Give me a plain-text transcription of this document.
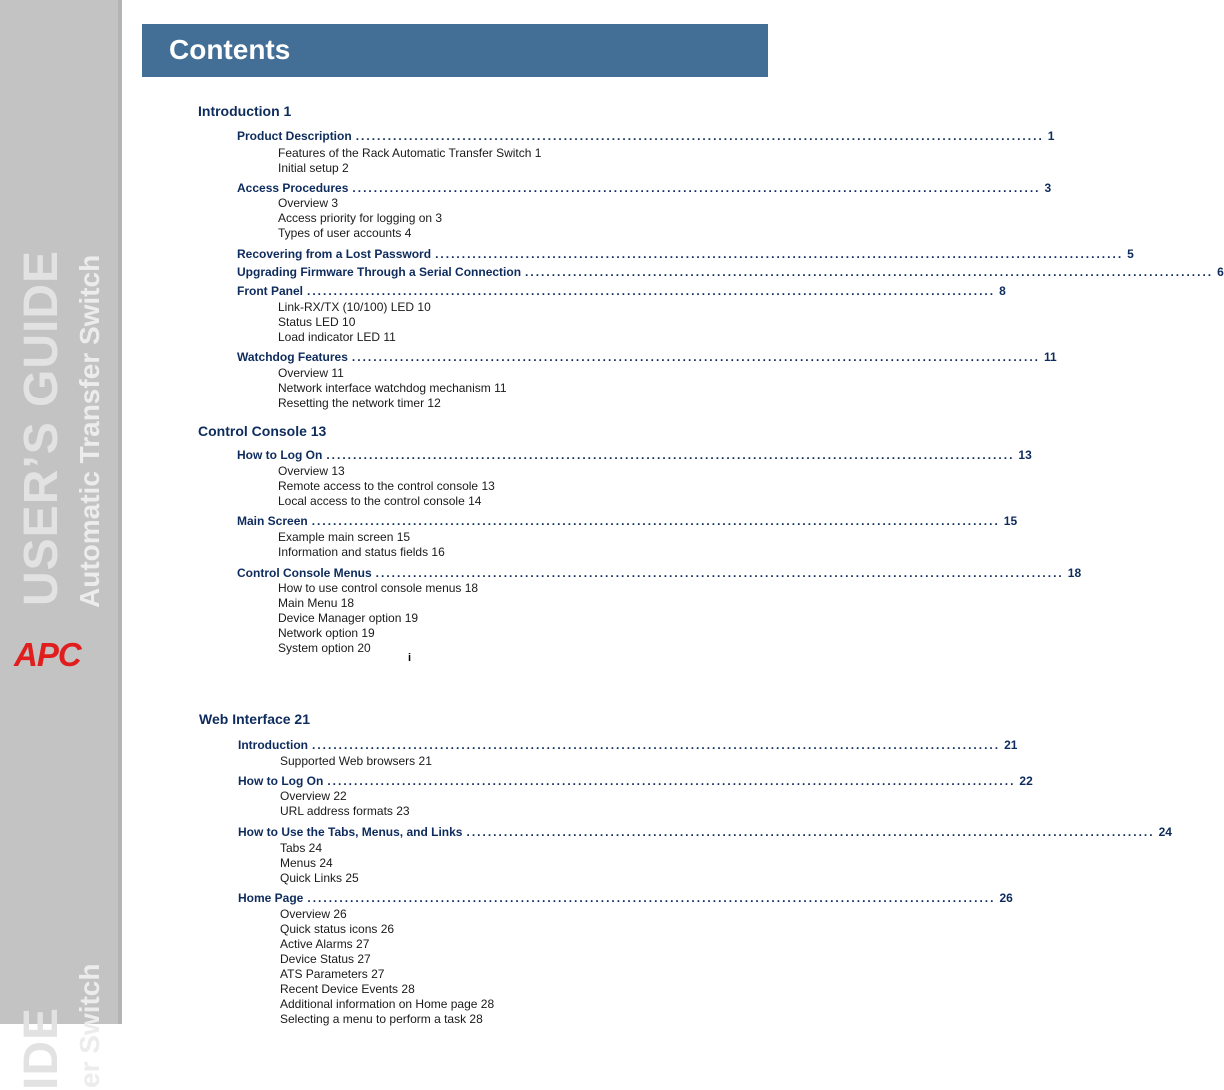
USER’S GUIDE Automatic Transfer Switch
APC
IDE er Switch
Contents
Introduction 1
Product Description ................................................................................................................................. 1
Features of the Rack Automatic Transfer Switch 1
Initial setup 2
Access Procedures ................................................................................................................................. 3
Overview 3
Access priority for logging on 3
Types of user accounts 4
Recovering from a Lost Password ................................................................................................................................. 5
Upgrading Firmware Through a Serial Connection ................................................................................................................................. 6
Front Panel ................................................................................................................................. 8
Link-RX/TX (10/100) LED 10
Status LED 10
Load indicator LED 11
Watchdog Features ................................................................................................................................. 11
Overview 11
Network interface watchdog mechanism 11
Resetting the network timer 12
Control Console 13
How to Log On ................................................................................................................................. 13
Overview 13
Remote access to the control console 13
Local access to the control console 14
Main Screen ................................................................................................................................. 15
Example main screen 15
Information and status fields 16
Control Console Menus ................................................................................................................................. 18
How to use control console menus 18
Main Menu 18
Device Manager option 19
Network option 19
System option 20
i
Web Interface 21
Introduction ................................................................................................................................. 21
Supported Web browsers 21
How to Log On ................................................................................................................................. 22
Overview 22
URL address formats 23
How to Use the Tabs, Menus, and Links ................................................................................................................................. 24
Tabs 24
Menus 24
Quick Links 25
Home Page ................................................................................................................................. 26
Overview 26
Quick status icons 26
Active Alarms 27
Device Status 27
ATS Parameters 27
Recent Device Events 28
Additional information on Home page 28
Selecting a menu to perform a task 28
